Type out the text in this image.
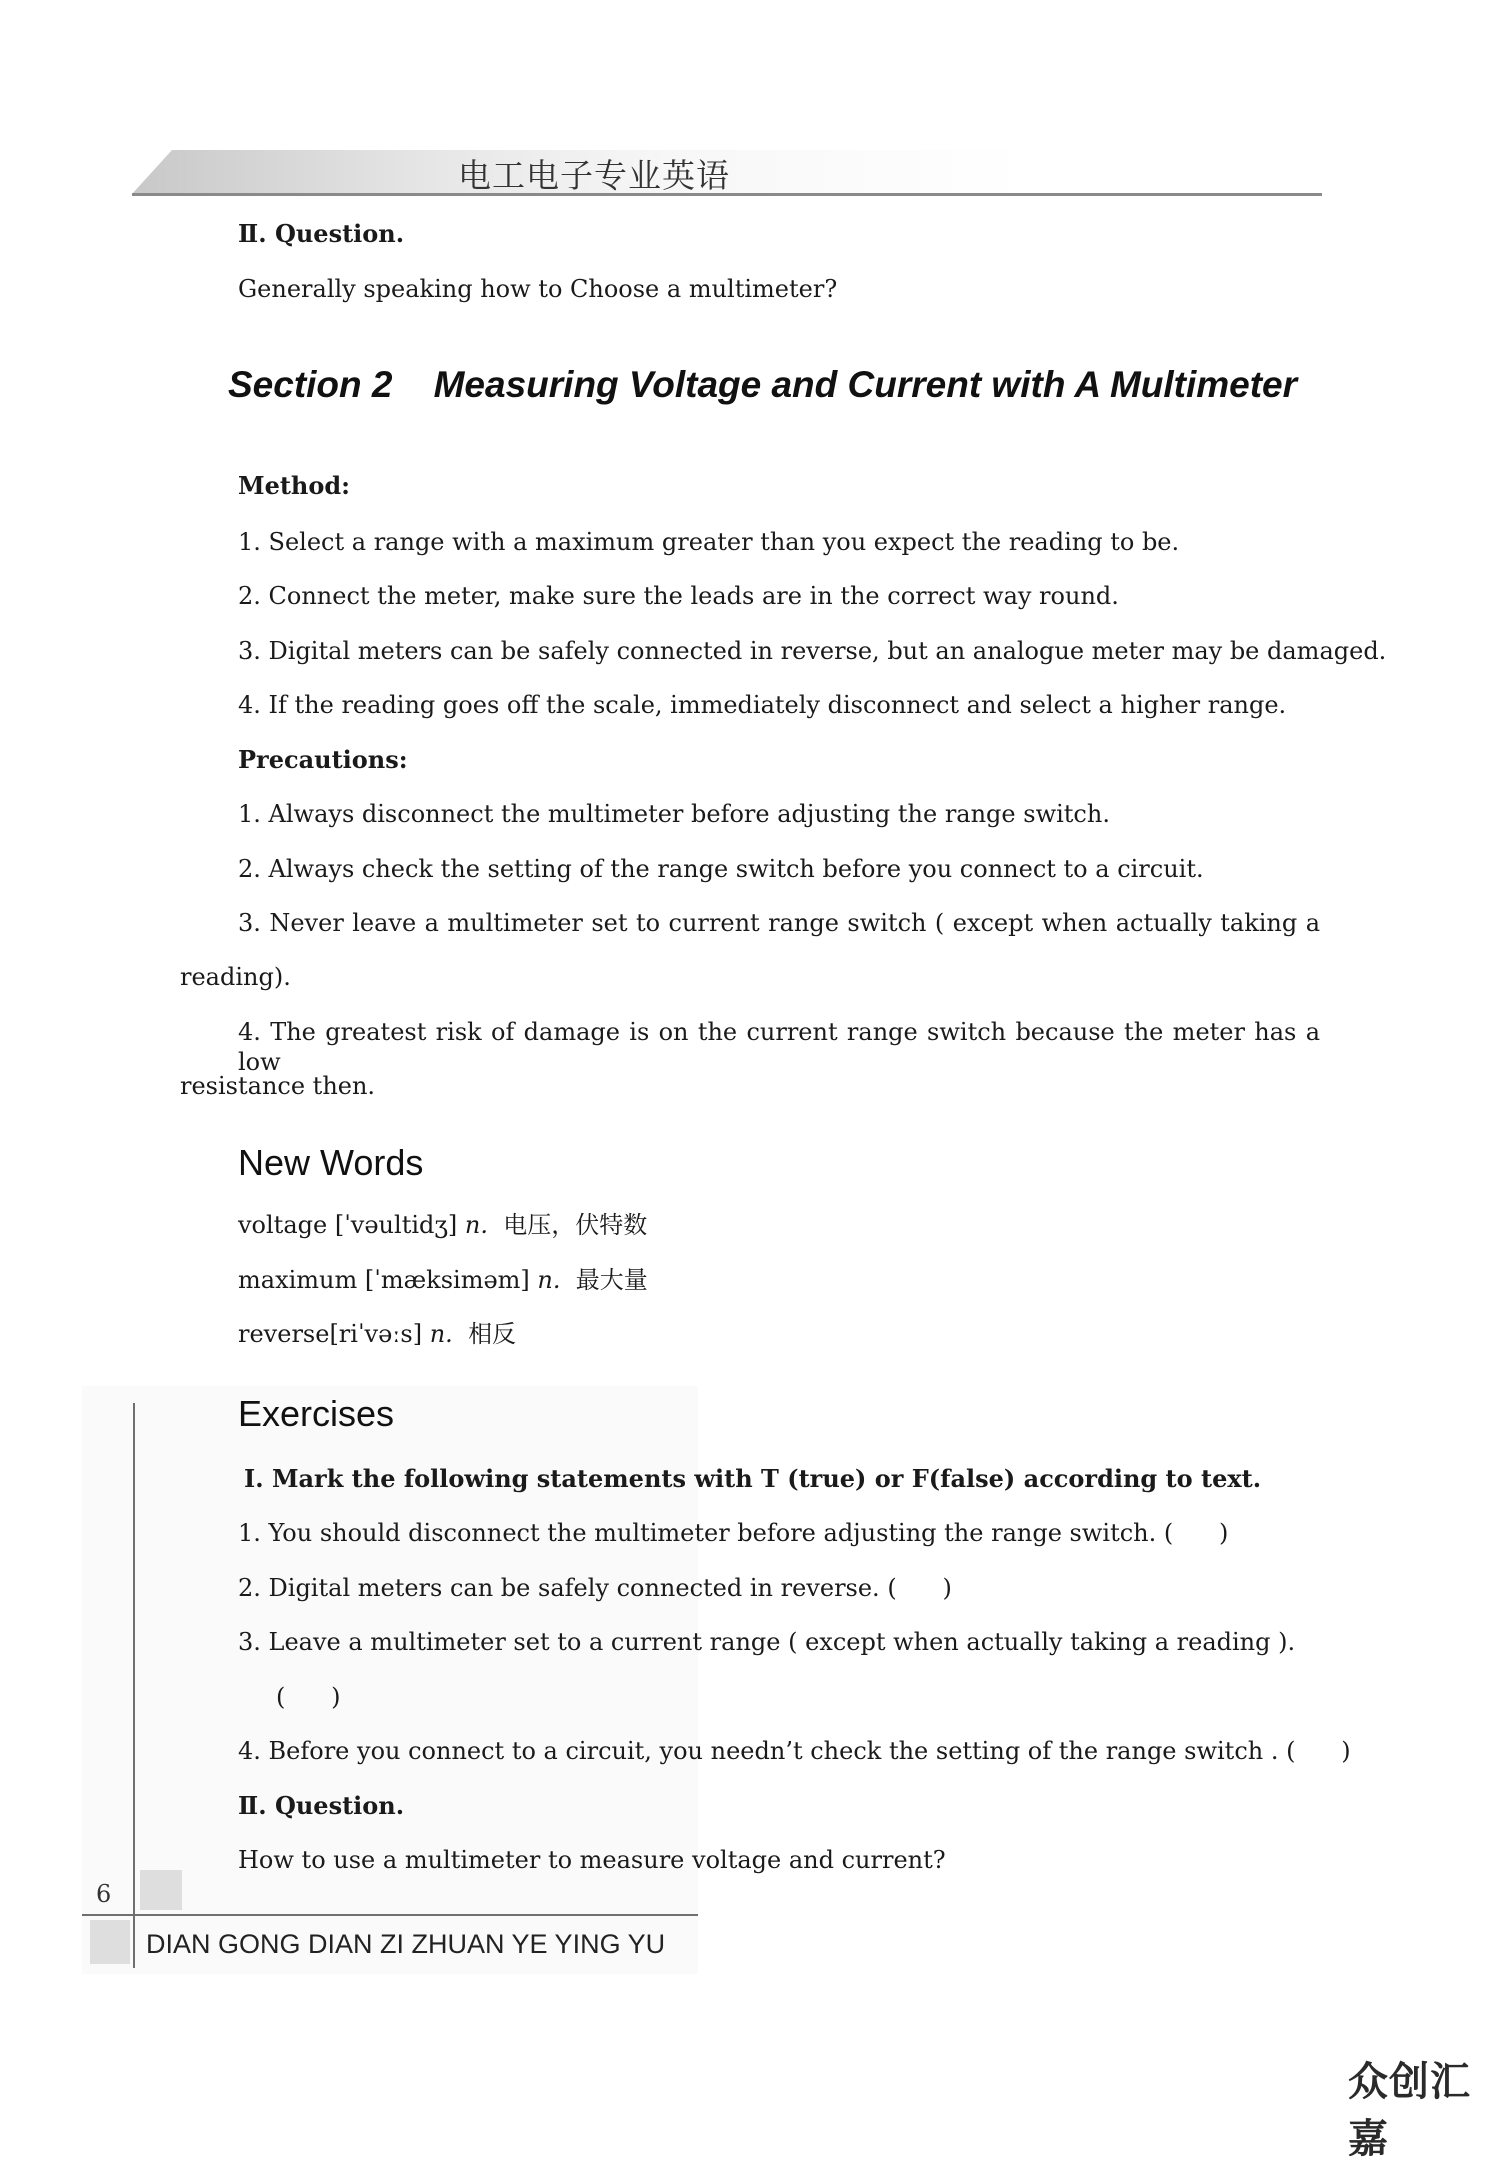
电工电子专业英语
Ⅱ. Question.
Generally speaking how to Choose a multimeter?
Section 2    Measuring Voltage and Current with A Multimeter
Method:
1. Select a range with a maximum greater than you expect the reading to be.
2. Connect the meter, make sure the leads are in the correct way round.
3. Digital meters can be safely connected in reverse, but an analogue meter may be damaged.
4. If the reading goes off the scale, immediately disconnect and select a higher range.
Precautions:
1. Always disconnect the multimeter before adjusting the range switch.
2. Always check the setting of the range switch before you connect to a circuit.
3. Never leave a multimeter set to current range switch ( except when actually taking a
reading).
4. The greatest risk of damage is on the current range switch because the meter has a low
resistance then.
New Words
voltage [ˈvəultidʒ] n. 电压，伏特数
maximum [ˈmæksiməm] n. 最大量
reverse[riˈvəːs] n. 相反
Exercises
Ⅰ. Mark the following statements with T (true) or F(false) according to text.
1. You should disconnect the multimeter before adjusting the range switch. (      )
2. Digital meters can be safely connected in reverse. (      )
3. Leave a multimeter set to a current range ( except when actually taking a reading ).
(      )
4. Before you connect to a circuit, you needn’t check the setting of the range switch . (      )
Ⅱ. Question.
How to use a multimeter to measure voltage and current?
6
DIAN GONG DIAN ZI ZHUAN YE YING YU
众创汇嘉
